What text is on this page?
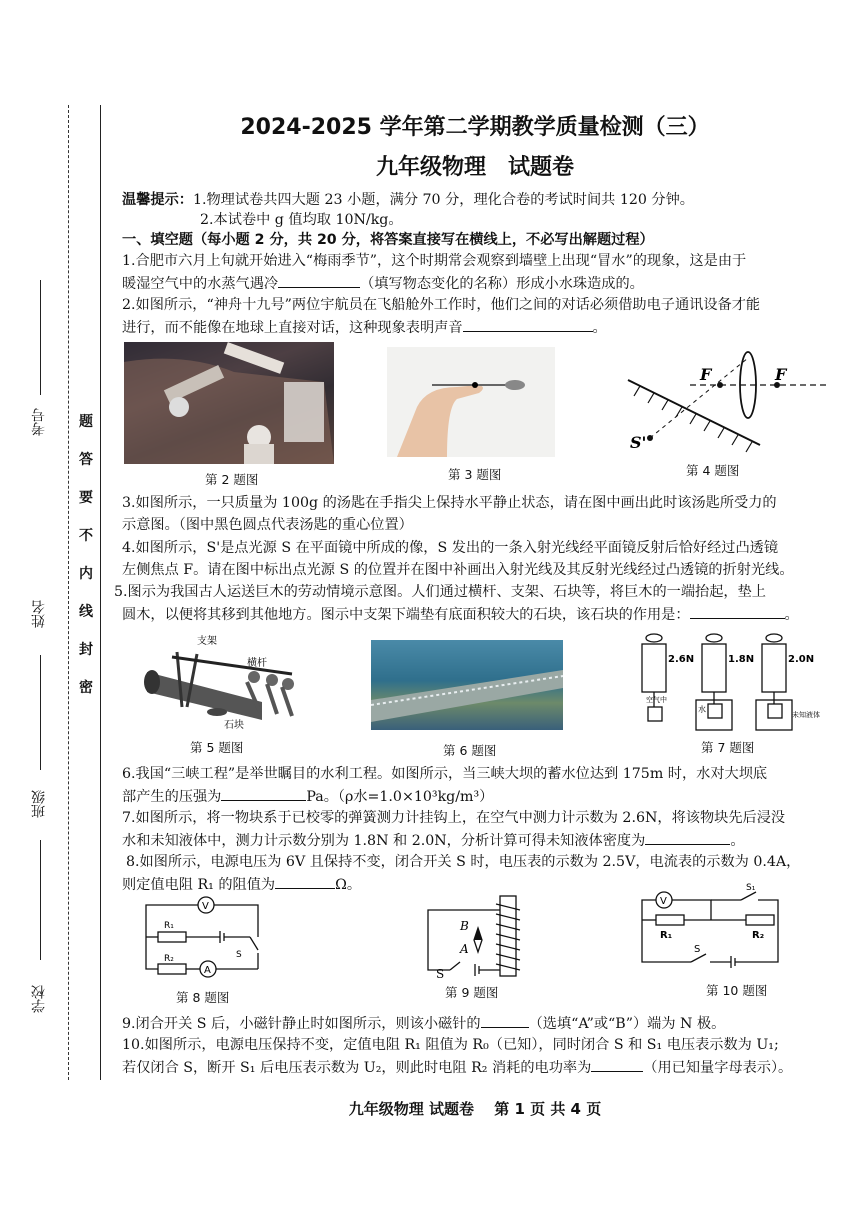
考号
姓名
班级
学校
题
答
要
不
内
线
封
密
2024-2025 学年第二学期教学质量检测（三）
九年级物理　试题卷
温馨提示：1.物理试卷共四大题 23 小题，满分 70 分，理化合卷的考试时间共 120 分钟。
2.本试卷中 g 值均取 10N/kg。
一、填空题（每小题 2 分，共 20 分，将答案直接写在横线上，不必写出解题过程）
1.合肥市六月上旬就开始进入“梅雨季节”，这个时期常会观察到墙壁上出现“冒水”的现象，这是由于
暖湿空气中的水蒸气遇冷	（填写物态变化的名称）形成小水珠造成的。
2.如图所示，“神舟十九号”两位宇航员在飞船舱外工作时，他们之间的对话必须借助电子通讯设备才能
进行，而不能像在地球上直接对话，这种现象表明声音	。
第 2 题图	第 3 题图
F	F
S'
第 4 题图
3.如图所示，一只质量为 100g 的汤匙在手指尖上保持水平静止状态，请在图中画出此时该汤匙所受力的
示意图。（图中黑色圆点代表汤匙的重心位置）
4.如图所示，S'是点光源 S 在平面镜中所成的像，S 发出的一条入射光线经平面镜反射后恰好经过凸透镜
左侧焦点 F。请在图中标出点光源 S 的位置并在图中补画出入射光线及其反射光线经过凸透镜的折射光线。
5.图示为我国古人运送巨木的劳动情境示意图。人们通过横杆、支架、石块等，将巨木的一端抬起，垫上
圆木，以便将其移到其他地方。图示中支架下端垫有底面积较大的石块，该石块的作用是：	。
支架
横杆
石块
第 5 题图	第 6 题图
2.6N	1.8N	2.0N
空气中
水
未知液体
第 7 题图
6.我国“三峡工程”是举世瞩目的水利工程。如图所示，当三峡大坝的蓄水位达到 175m 时，水对大坝底
部产生的压强为	Pa。（ρ水=1.0×10³kg/m³）
7.如图所示，将一物块系于已校零的弹簧测力计挂钩上，在空气中测力计示数为 2.6N，将该物块先后浸没
水和未知液体中，测力计示数分别为 1.8N 和 2.0N，分析计算可得未知液体密度为	。
8.如图所示，电源电压为 6V 且保持不变，闭合开关 S 时，电压表的示数为 2.5V，电流表的示数为 0.4A，
则定值电阻 R₁ 的阻值为	Ω。
V
A
R₁
R₂	S
第 8 题图
B
A
S
第 9 题图
V
S₁
R₁	R₂
S
第 10 题图
9.闭合开关 S 后，小磁针静止时如图所示，则该小磁针的	（选填“A”或“B”）端为 N 极。
10.如图所示，电源电压保持不变，定值电阻 R₁ 阻值为 R₀（已知），同时闭合 S 和 S₁ 电压表示数为 U₁;
若仅闭合 S，断开 S₁ 后电压表示数为 U₂，则此时电阻 R₂ 消耗的电功率为	（用已知量字母表示）。
九年级物理 试题卷　 第 1 页 共 4 页
